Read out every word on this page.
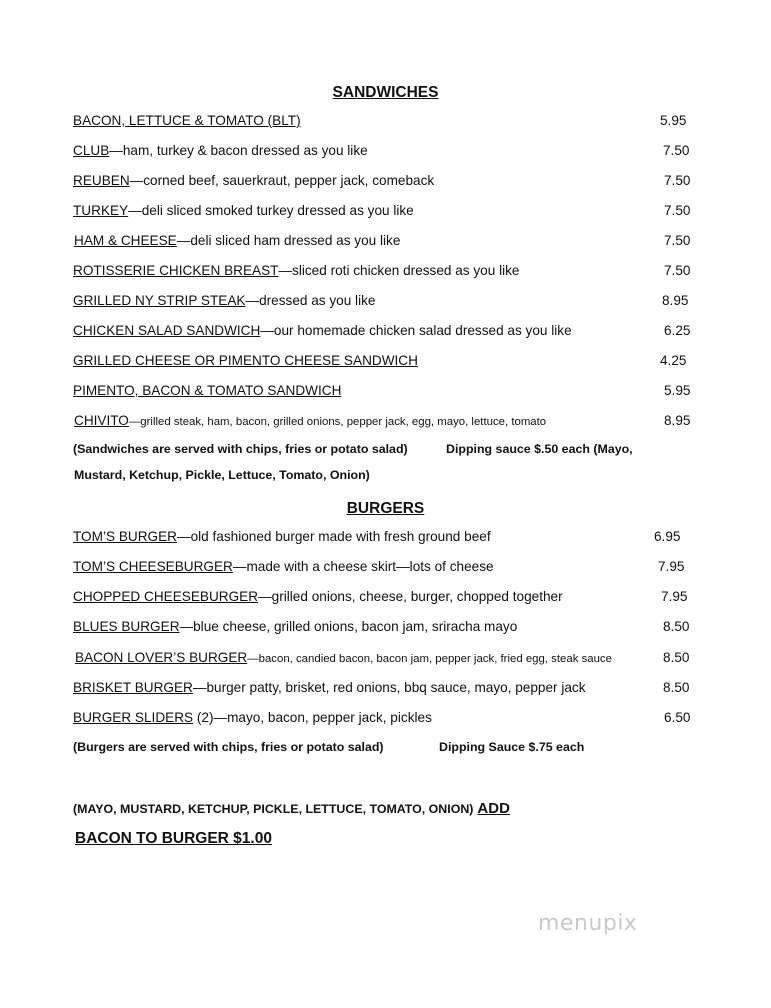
SANDWICHES
BACON, LETTUCE & TOMATO (BLT)	5.95
CLUB—ham, turkey & bacon dressed as you like	7.50
REUBEN—corned beef, sauerkraut, pepper jack, comeback	7.50
TURKEY—deli sliced smoked turkey dressed as you like	7.50
HAM & CHEESE—deli sliced ham dressed as you like	7.50
ROTISSERIE CHICKEN BREAST—sliced roti chicken dressed as you like	7.50
GRILLED NY STRIP STEAK—dressed as you like	8.95
CHICKEN SALAD SANDWICH—our homemade chicken salad dressed as you like	6.25
GRILLED CHEESE OR PIMENTO CHEESE SANDWICH	4.25
PIMENTO, BACON & TOMATO SANDWICH	5.95
CHIVITO—grilled steak, ham, bacon, grilled onions, pepper jack, egg, mayo, lettuce, tomato	8.95
(Sandwiches are served with chips, fries or potato salad)	Dipping sauce $.50 each (Mayo,
Mustard, Ketchup, Pickle, Lettuce, Tomato, Onion)
BURGERS
TOM’S BURGER—old fashioned burger made with fresh ground beef	6.95
TOM’S CHEESEBURGER—made with a cheese skirt—lots of cheese	7.95
CHOPPED CHEESEBURGER—grilled onions, cheese, burger, chopped together	7.95
BLUES BURGER—blue cheese, grilled onions, bacon jam, sriracha mayo	8.50
BACON LOVER’S BURGER—bacon, candied bacon, bacon jam, pepper jack, fried egg, steak sauce	8.50
BRISKET BURGER—burger patty, brisket, red onions, bbq sauce, mayo, pepper jack	8.50
BURGER SLIDERS (2)—mayo, bacon, pepper jack, pickles	6.50
(Burgers are served with chips, fries or potato salad)	Dipping Sauce $.75 each
(MAYO, MUSTARD, KETCHUP, PICKLE, LETTUCE, TOMATO, ONION) ADD
BACON TO BURGER $1.00
menupix
